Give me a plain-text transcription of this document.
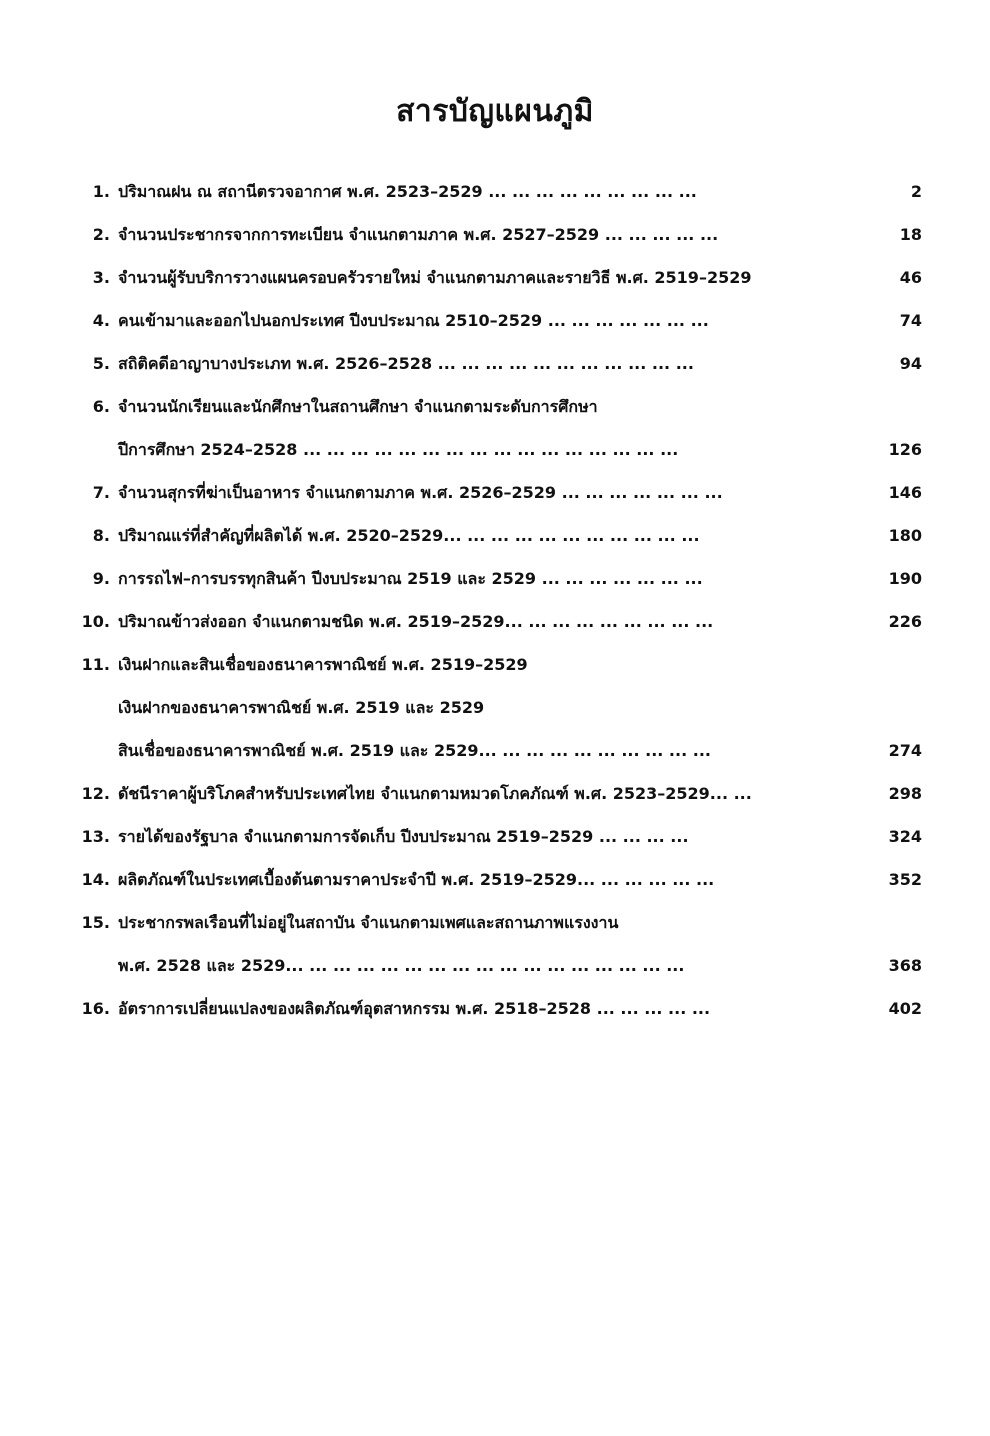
สารบัญแผนภูมิ
1. ปริมาณฝน ณ สถานีตรวจอากาศ พ.ศ. 2523–2529 ... ... ... ... ... ... ... ... ...	2
2. จำนวนประชากรจากการทะเบียน จำแนกตามภาค พ.ศ. 2527–2529 ... ... ... ... ...	18
3. จำนวนผู้รับบริการวางแผนครอบครัวรายใหม่ จำแนกตามภาคและรายวิธี พ.ศ. 2519–2529	46
4. คนเข้ามาและออกไปนอกประเทศ ปีงบประมาณ 2510–2529 ... ... ... ... ... ... ...	74
5. สถิติคดีอาญาบางประเภท พ.ศ. 2526–2528 ... ... ... ... ... ... ... ... ... ... ...	94
6. จำนวนนักเรียนและนักศึกษาในสถานศึกษา จำแนกตามระดับการศึกษา
ปีการศึกษา 2524–2528 ... ... ... ... ... ... ... ... ... ... ... ... ... ... ... ...	126
7. จำนวนสุกรที่ฆ่าเป็นอาหาร จำแนกตามภาค พ.ศ. 2526–2529 ... ... ... ... ... ... ...	146
8. ปริมาณแร่ที่สำคัญที่ผลิตได้ พ.ศ. 2520–2529... ... ... ... ... ... ... ... ... ... ...	180
9. การรถไฟ–การบรรทุกสินค้า ปีงบประมาณ 2519 และ 2529 ... ... ... ... ... ... ...	190
10. ปริมาณข้าวส่งออก จำแนกตามชนิด พ.ศ. 2519–2529... ... ... ... ... ... ... ... ...	226
11. เงินฝากและสินเชื่อของธนาคารพาณิชย์ พ.ศ. 2519–2529
เงินฝากของธนาคารพาณิชย์ พ.ศ. 2519 และ 2529
สินเชื่อของธนาคารพาณิชย์ พ.ศ. 2519 และ 2529... ... ... ... ... ... ... ... ... ...	274
12. ดัชนีราคาผู้บริโภคสำหรับประเทศไทย จำแนกตามหมวดโภคภัณฑ์ พ.ศ. 2523–2529... ...	298
13. รายได้ของรัฐบาล จำแนกตามการจัดเก็บ ปีงบประมาณ 2519–2529 ... ... ... ...	324
14. ผลิตภัณฑ์ในประเทศเบื้องต้นตามราคาประจำปี พ.ศ. 2519–2529... ... ... ... ... ...	352
15. ประชากรพลเรือนที่ไม่อยู่ในสถาบัน จำแนกตามเพศและสถานภาพแรงงาน
พ.ศ. 2528 และ 2529... ... ... ... ... ... ... ... ... ... ... ... ... ... ... ... ...	368
16. อัตราการเปลี่ยนแปลงของผลิตภัณฑ์อุตสาหกรรม พ.ศ. 2518–2528 ... ... ... ... ...	402
